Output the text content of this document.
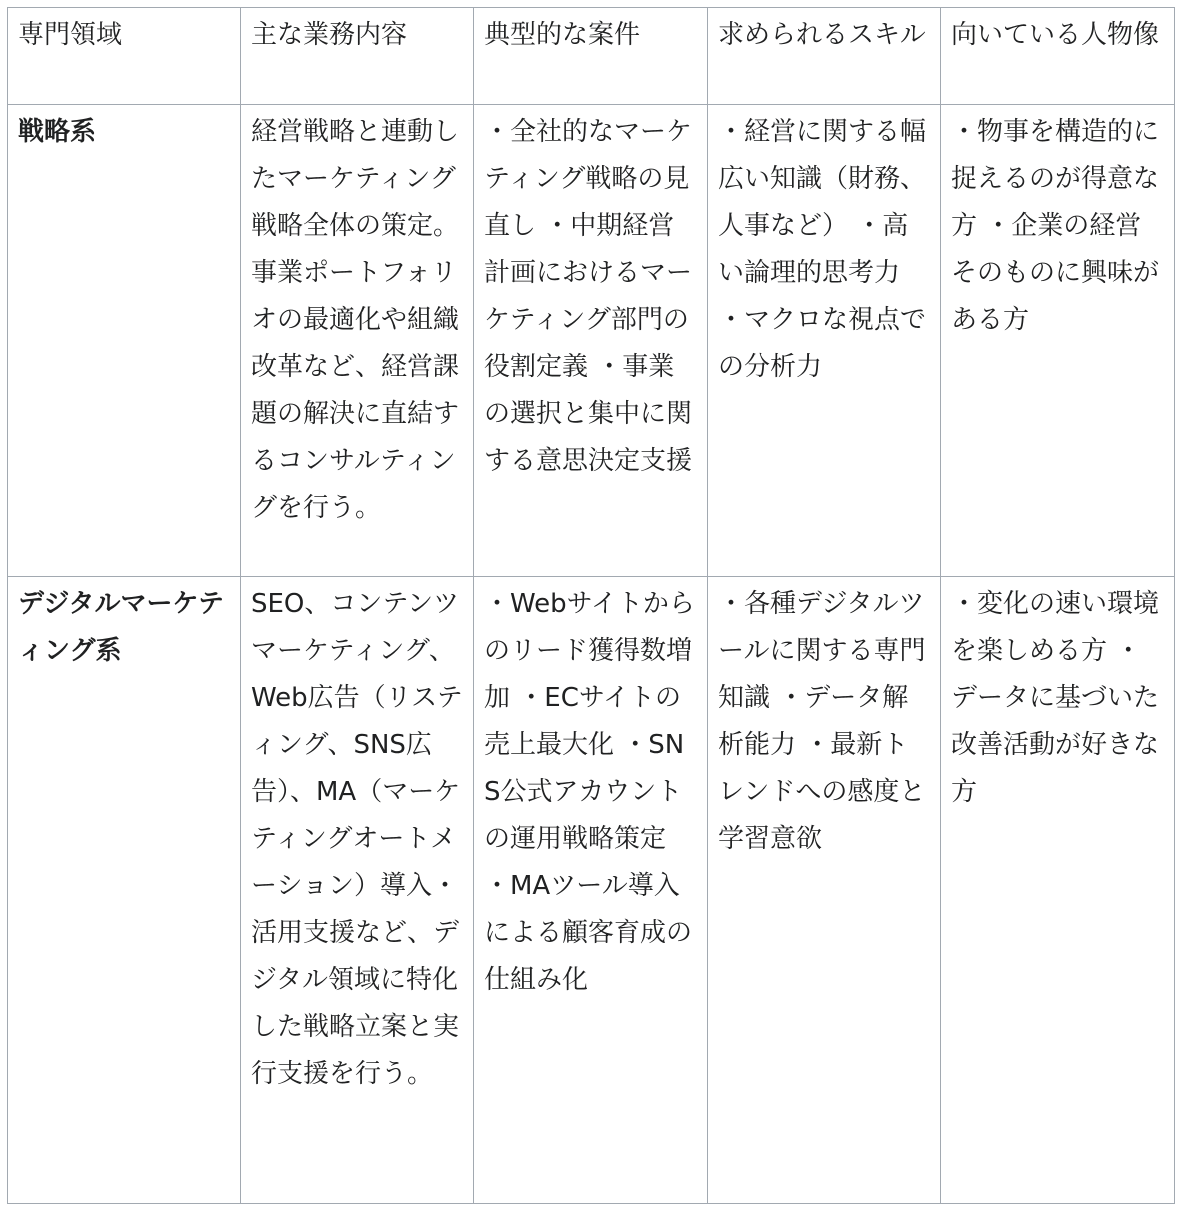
専門領域	主な業務内容	典型的な案件	求められるスキル	向いている人物像
戦略系	経営戦略と連動したマーケティング戦略全体の策定。事業ポートフォリオの最適化や組織改革など、経営課題の解決に直結するコンサルティングを行う。	・全社的なマーケティング戦略の見直し ・中期経営計画におけるマーケティング部門の役割定義 ・事業の選択と集中に関する意思決定支援	・経営に関する幅広い知識（財務、人事など） ・高い論理的思考力 ・マクロな視点での分析力	・物事を構造的に捉えるのが得意な方 ・企業の経営そのものに興味がある方
デジタルマーケティング系	SEO、コンテンツマーケティング、Web広告（リスティング、SNS広告）、MA（マーケティングオートメーション）導入・活用支援など、デジタル領域に特化した戦略立案と実行支援を行う。	・Webサイトからのリード獲得数増加 ・ECサイトの売上最大化 ・SNS公式アカウントの運用戦略策定 ・MAツール導入による顧客育成の仕組み化	・各種デジタルツールに関する専門知識 ・データ解析能力 ・最新トレンドへの感度と学習意欲	・変化の速い環境を楽しめる方 ・データに基づいた改善活動が好きな方
